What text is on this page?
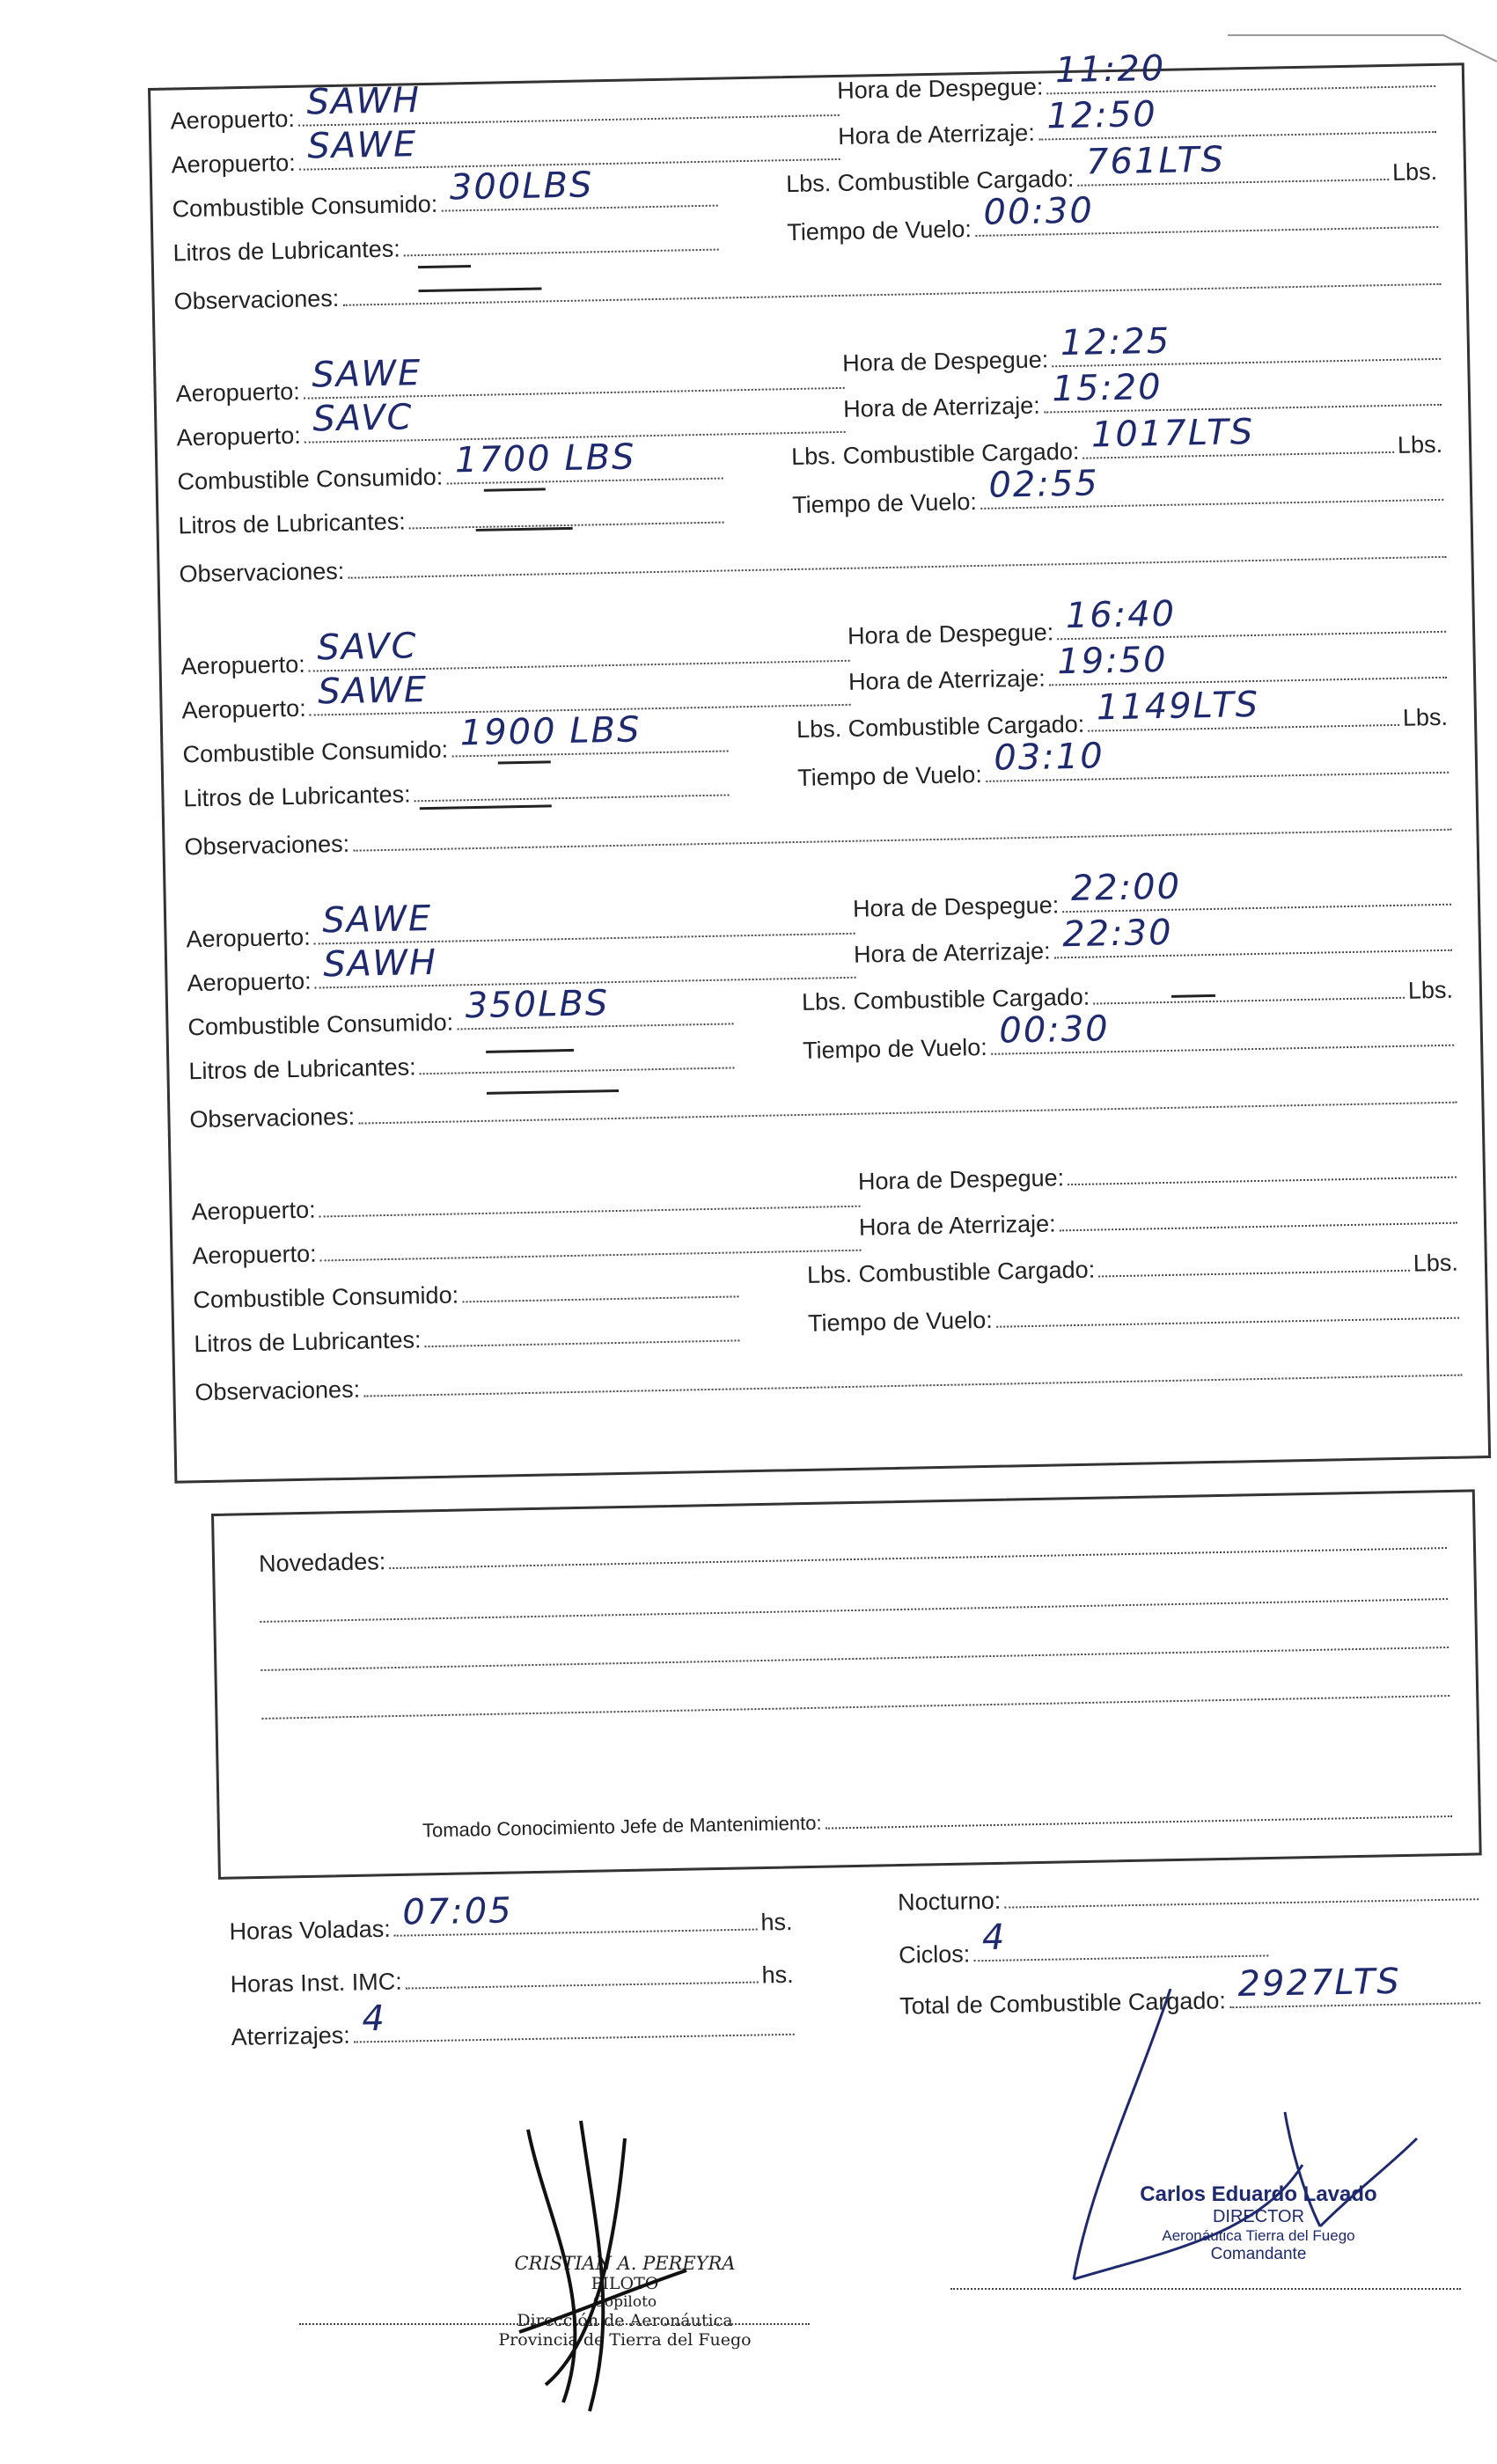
Aeropuerto: SAWH	Hora de Despegue: 11:20
Aeropuerto: SAWE	Hora de Aterrizaje: 12:50
Combustible Consumido: 300LBS	Lbs. Combustible Cargado: 761LTS	Lbs.
Litros de Lubricantes:
Tiempo de Vuelo: 00:30
Observaciones:
Aeropuerto: SAWE	Hora de Despegue: 12:25
Aeropuerto: SAVC	Hora de Aterrizaje: 15:20
Combustible Consumido: 1700 LBS	Lbs. Combustible Cargado: 1017LTS	Lbs.
Litros de Lubricantes:
Tiempo de Vuelo: 02:55
Observaciones:
Aeropuerto: SAVC	Hora de Despegue: 16:40
Aeropuerto: SAWE	Hora de Aterrizaje: 19:50
Combustible Consumido: 1900 LBS	Lbs. Combustible Cargado: 1149LTS	Lbs.
Litros de Lubricantes:
Tiempo de Vuelo: 03:10
Observaciones:
Aeropuerto: SAWE	Hora de Despegue: 22:00
Aeropuerto: SAWH	Hora de Aterrizaje: 22:30
Combustible Consumido: 350LBS	Lbs. Combustible Cargado:	Lbs.
Litros de Lubricantes:
Tiempo de Vuelo: 00:30
Observaciones:
Aeropuerto:
Hora de Despegue:
Aeropuerto:
Hora de Aterrizaje:
Combustible Consumido:
Lbs. Combustible Cargado:	Lbs.
Litros de Lubricantes:
Tiempo de Vuelo:
Observaciones:
Novedades:
Tomado Conocimiento Jefe de Mantenimiento:
Horas Voladas: 07:05	hs.
Horas Inst. IMC:	hs.
Aterrizajes: 4
Nocturno:
Ciclos: 4
Total de Combustible Cargado: 2927LTS
CRISTIAN A. PEREYRA
PILOTO
Copiloto
Dirección de Aeronáutica
Provincia de Tierra del Fuego
Carlos Eduardo Lavado
DIRECTOR
Aeronáutica Tierra del Fuego
Comandante
